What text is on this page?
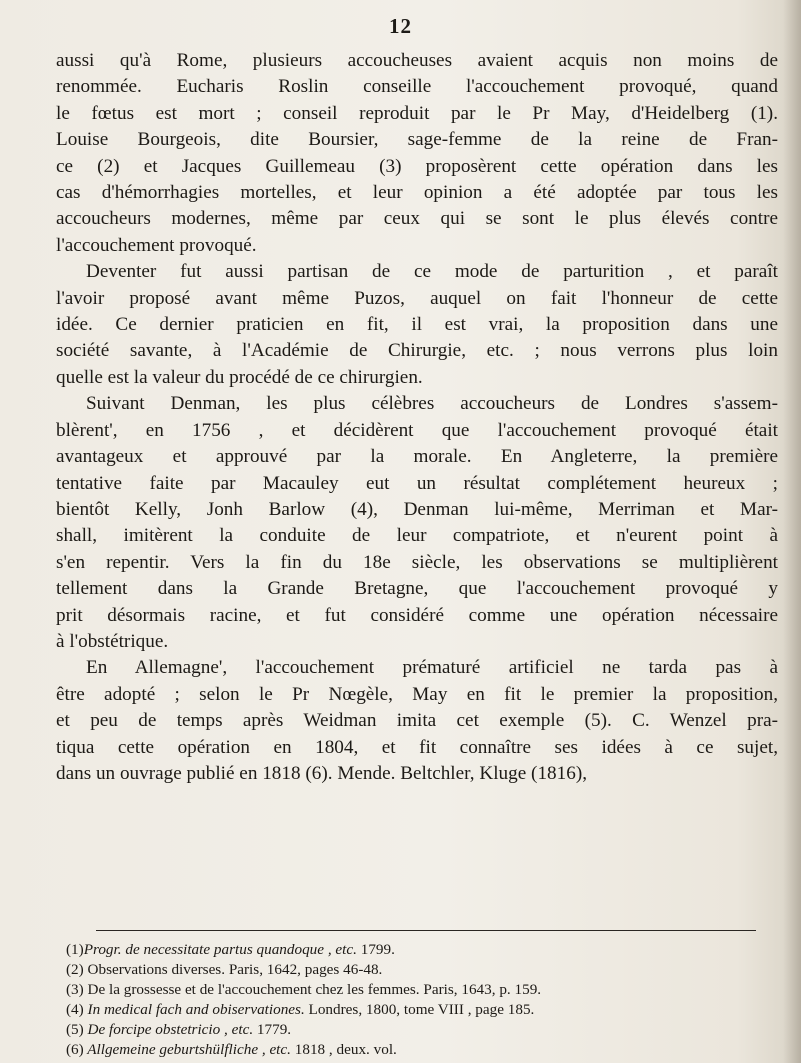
12
aussi qu'à Rome, plusieurs accoucheuses avaient acquis non moins de
renommée. Eucharis Roslin conseille l'accouchement provoqué, quand
le fœtus est mort ; conseil reproduit par le Pr May, d'Heidelberg (1).
Louise Bourgeois, dite Boursier, sage-femme de la reine de Fran-
ce (2) et Jacques Guillemeau (3) proposèrent cette opération dans les
cas d'hémorrhagies mortelles, et leur opinion a été adoptée par tous les
accoucheurs modernes, même par ceux qui se sont le plus élevés contre
l'accouchement provoqué.
Deventer fut aussi partisan de ce mode de parturition , et paraît
l'avoir proposé avant même Puzos, auquel on fait l'honneur de cette
idée. Ce dernier praticien en fit, il est vrai, la proposition dans une
société savante, à l'Académie de Chirurgie, etc. ; nous verrons plus loin
quelle est la valeur du procédé de ce chirurgien.
Suivant Denman, les plus célèbres accoucheurs de Londres s'assem-
blèrent', en 1756 , et décidèrent que l'accouchement provoqué était
avantageux et approuvé par la morale. En Angleterre, la première
tentative faite par Macauley eut un résultat complétement heureux ;
bientôt Kelly, Jonh Barlow (4), Denman lui-même, Merriman et Mar-
shall, imitèrent la conduite de leur compatriote, et n'eurent point à
s'en repentir. Vers la fin du 18e siècle, les observations se multiplièrent
tellement dans la Grande Bretagne, que l'accouchement provoqué y
prit désormais racine, et fut considéré comme une opération nécessaire
à l'obstétrique.
En Allemagne', l'accouchement prématuré artificiel ne tarda pas à
être adopté ; selon le Pr Nœgèle, May en fit le premier la proposition,
et peu de temps après Weidman imita cet exemple (5). C. Wenzel pra-
tiqua cette opération en 1804, et fit connaître ses idées à ce sujet,
dans un ouvrage publié en 1818 (6). Mende. Beltchler, Kluge (1816),
(1)Progr. de necessitate partus quandoque , etc. 1799.
(2) Observations diverses. Paris, 1642, pages 46-48.
(3) De la grossesse et de l'accouchement chez les femmes. Paris, 1643, p. 159.
(4) In medical fach and obiservationes. Londres, 1800, tome VIII , page 185.
(5) De forcipe obstetricio , etc. 1779.
(6) Allgemeine geburtshülfliche , etc. 1818 , deux. vol.
